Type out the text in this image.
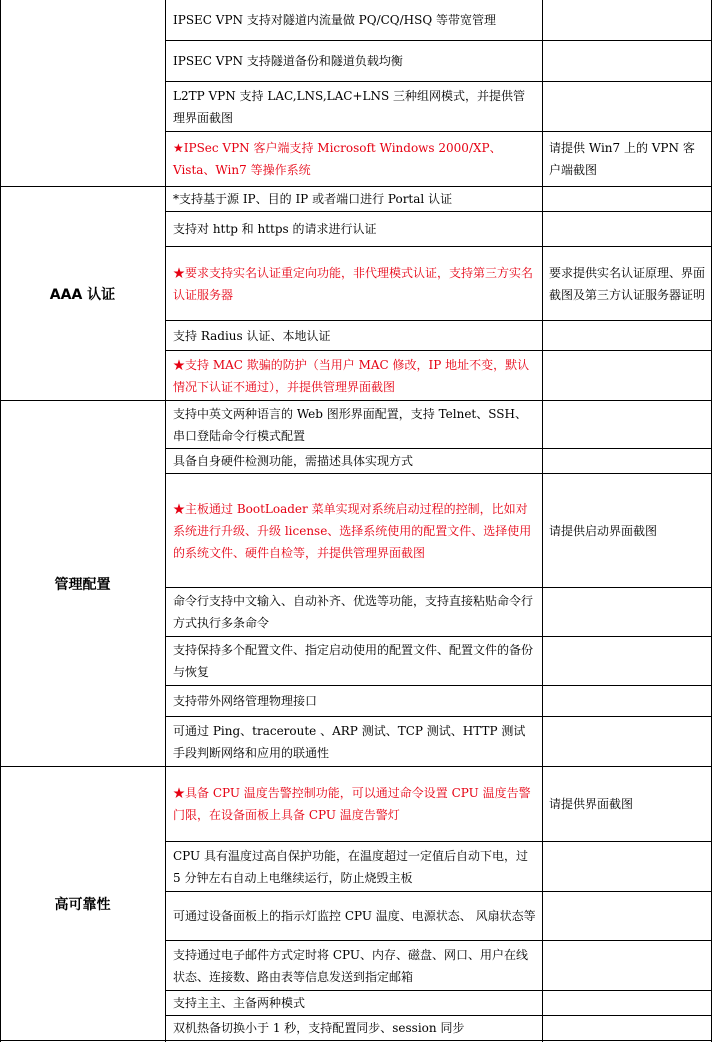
AAA 认证
管理配置
高可靠性
IPSEC VPN 支持对隧道内流量做 PQ/CQ/HSQ 等带宽管理
IPSEC VPN 支持隧道备份和隧道负载均衡
L2TP VPN 支持 LAC,LNS,LAC+LNS 三种组网模式，并提供管理界面截图
★IPSec VPN 客户端支持 Microsoft Windows 2000/XP、Vista、Win7 等操作系统
请提供 Win7 上的 VPN 客户端截图
*支持基于源 IP、目的 IP 或者端口进行 Portal 认证
支持对 http 和 https 的请求进行认证
★要求支持实名认证重定向功能，非代理模式认证，支持第三方实名认证服务器
要求提供实名认证原理、界面截图及第三方认证服务器证明
支持 Radius 认证、本地认证
★支持 MAC 欺骗的防护（当用户 MAC 修改，IP 地址不变，默认情况下认证不通过），并提供管理界面截图
支持中英文两种语言的 Web 图形界面配置，支持 Telnet、SSH、串口登陆命令行模式配置
具备自身硬件检测功能，需描述具体实现方式
★主板通过 BootLoader 菜单实现对系统启动过程的控制，比如对系统进行升级、升级 license、选择系统使用的配置文件、选择使用的系统文件、硬件自检等，并提供管理界面截图
请提供启动界面截图
命令行支持中文输入、自动补齐、优选等功能，支持直接粘贴命令行方式执行多条命令
支持保持多个配置文件、指定启动使用的配置文件、配置文件的备份与恢复
支持带外网络管理物理接口
可通过 Ping、traceroute 、ARP 测试、TCP 测试、HTTP 测试手段判断网络和应用的联通性
★具备 CPU 温度告警控制功能，可以通过命令设置 CPU 温度告警门限，在设备面板上具备 CPU 温度告警灯
请提供界面截图
CPU 具有温度过高自保护功能，在温度超过一定值后自动下电，过 5 分钟左右自动上电继续运行，防止烧毁主板
可通过设备面板上的指示灯监控 CPU 温度、电源状态、 风扇状态等
支持通过电子邮件方式定时将 CPU、内存、磁盘、网口、用户在线状态、连接数、路由表等信息发送到指定邮箱
支持主主、主备两种模式
双机热备切换小于 1 秒，支持配置同步、session 同步
